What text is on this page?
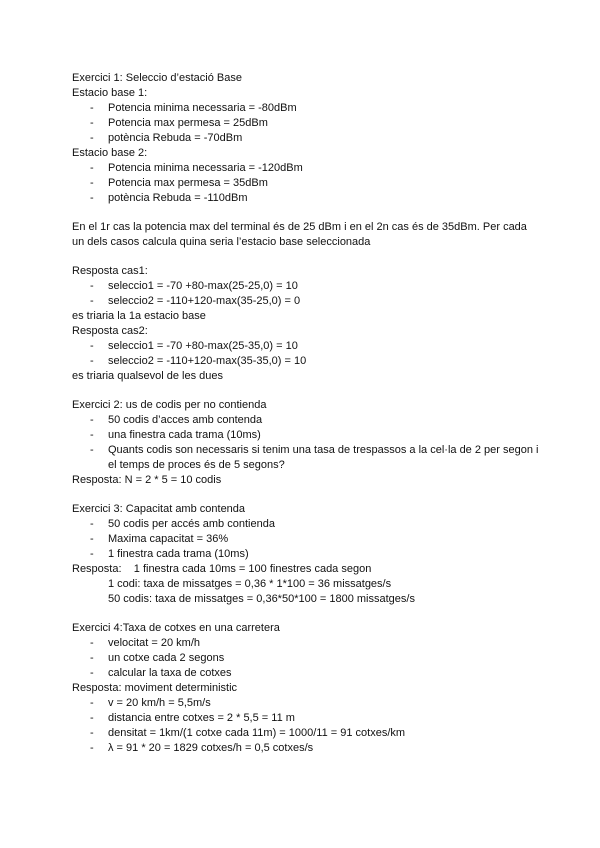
Exercici 1: Seleccio d’estació Base
Estacio base 1:
- Potencia minima necessaria = -80dBm
- Potencia max permesa = 25dBm
- potència Rebuda = -70dBm
Estacio base 2:
- Potencia minima necessaria = -120dBm
- Potencia max permesa = 35dBm
- potència Rebuda = -110dBm
En el 1r cas la potencia max del terminal és de 25 dBm i en el 2n cas és de 35dBm. Per cada un dels casos calcula quina seria l’estacio base seleccionada
Resposta cas1:
- seleccio1 = -70 +80-max(25-25,0) = 10
- seleccio2 = -110+120-max(35-25,0) = 0
es triaria la 1a estacio base
Resposta cas2:
- seleccio1 = -70 +80-max(25-35,0) = 10
- seleccio2 = -110+120-max(35-35,0) = 10
es triaria qualsevol de les dues
Exercici 2: us de codis per no contienda
- 50 codis d’acces amb contenda
- una finestra cada trama (10ms)
- Quants codis son necessaris si tenim una tasa de trespassos a la cel·la de 2 per segon i el temps de proces és de 5 segons?
Resposta: N = 2 * 5 = 10 codis
Exercici 3: Capacitat amb contenda
- 50 codis per accés amb contienda
- Maxima capacitat = 36%
- 1 finestra cada trama (10ms)
Resposta: 1 finestra cada 10ms = 100 finestres cada segon
1 codi: taxa de missatges = 0,36 * 1*100 = 36 missatges/s
50 codis: taxa de missatges = 0,36*50*100 = 1800 missatges/s
Exercici 4:Taxa de cotxes en una carretera
- velocitat = 20 km/h
- un cotxe cada 2 segons
- calcular la taxa de cotxes
Resposta: moviment deterministic
- v = 20 km/h = 5,5m/s
- distancia entre cotxes = 2 * 5,5 = 11 m
- densitat = 1km/(1 cotxe cada 11m) = 1000/11 = 91 cotxes/km
- λ = 91 * 20 = 1829 cotxes/h = 0,5 cotxes/s
